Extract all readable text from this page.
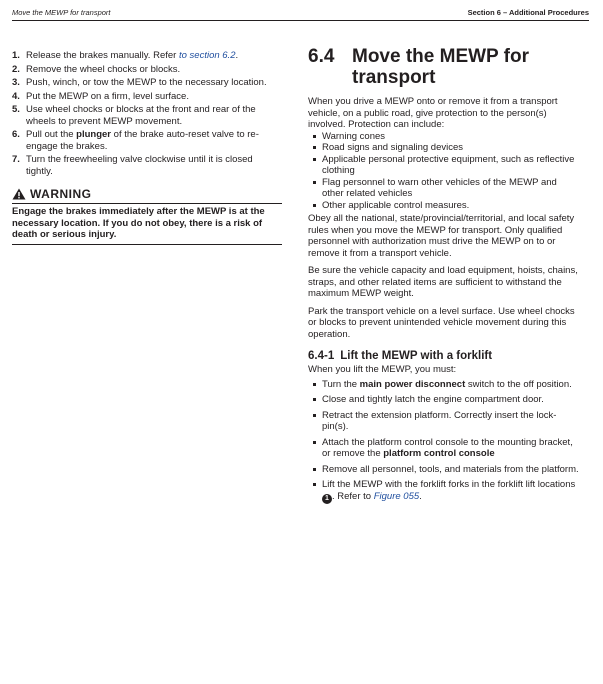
Move the MEWP for transport	Section 6 – Additional Procedures
1. Release the brakes manually. Refer to section 6.2.
2. Remove the wheel chocks or blocks.
3. Push, winch, or tow the MEWP to the necessary location.
4. Put the MEWP on a firm, level surface.
5. Use wheel chocks or blocks at the front and rear of the wheels to prevent MEWP movement.
6. Pull out the plunger of the brake auto-reset valve to re-engage the brakes.
7. Turn the freewheeling valve clockwise until it is closed tightly.
WARNING
Engage the brakes immediately after the MEWP is at the necessary location. If you do not obey, there is a risk of death or serious injury.
6.4 Move the MEWP for transport

When you drive a MEWP onto or remove it from a transport vehicle, on a public road, give protection to the person(s) involved. Protection can include:

Warning cones
Road signs and signaling devices
Applicable personal protective equipment, such as reflective clothing
Flag personnel to warn other vehicles of the MEWP and other related vehicles
Other applicable control measures.

Obey all the national, state/provincial/territorial, and local safety rules when you move the MEWP for transport. Only qualified personnel with authorization must drive the MEWP on to or remove it from a transport vehicle.

Be sure the vehicle capacity and load equipment, hoists, chains, straps, and other related items are sufficient to withstand the maximum MEWP weight.

Park the transport vehicle on a level surface. Use wheel chocks or blocks to prevent unintended vehicle movement during this operation.

6.4-1 Lift the MEWP with a forklift

When you lift the MEWP, you must:

Turn the main power disconnect switch to the off position.
Close and tightly latch the engine compartment door.
Retract the extension platform. Correctly insert the lock-pin(s).
Attach the platform control console to the mounting bracket, or remove the platform control console
Remove all personnel, tools, and materials from the platform.
Lift the MEWP with the forklift forks in the forklift lift locations 1 . Refer to Figure 055.
